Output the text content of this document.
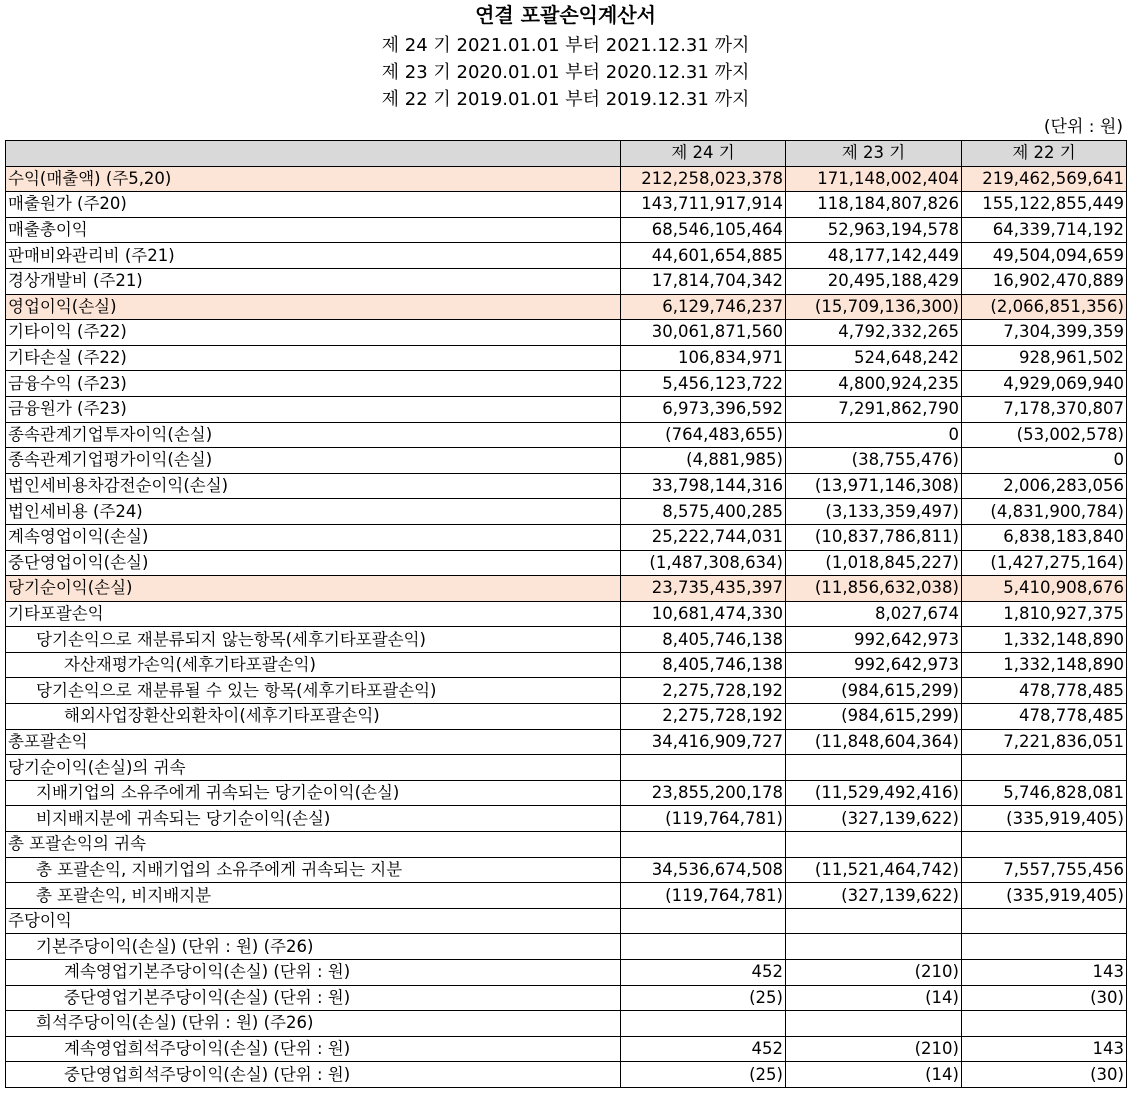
연결 포괄손익계산서
제 24 기 2021.01.01 부터 2021.12.31 까지
제 23 기 2020.01.01 부터 2020.12.31 까지
제 22 기 2019.01.01 부터 2019.12.31 까지
(단위 : 원)
	제 24 기	제 23 기	제 22 기
수익(매출액) (주5,20)	212,258,023,378	171,148,002,404	219,462,569,641
매출원가 (주20)	143,711,917,914	118,184,807,826	155,122,855,449
매출총이익	68,546,105,464	52,963,194,578	64,339,714,192
판매비와관리비 (주21)	44,601,654,885	48,177,142,449	49,504,094,659
경상개발비 (주21)	17,814,704,342	20,495,188,429	16,902,470,889
영업이익(손실)	6,129,746,237	(15,709,136,300)	(2,066,851,356)
기타이익 (주22)	30,061,871,560	4,792,332,265	7,304,399,359
기타손실 (주22)	106,834,971	524,648,242	928,961,502
금융수익 (주23)	5,456,123,722	4,800,924,235	4,929,069,940
금융원가 (주23)	6,973,396,592	7,291,862,790	7,178,370,807
종속관계기업투자이익(손실)	(764,483,655)	0	(53,002,578)
종속관계기업평가이익(손실)	(4,881,985)	(38,755,476)	0
법인세비용차감전순이익(손실)	33,798,144,316	(13,971,146,308)	2,006,283,056
법인세비용 (주24)	8,575,400,285	(3,133,359,497)	(4,831,900,784)
계속영업이익(손실)	25,222,744,031	(10,837,786,811)	6,838,183,840
중단영업이익(손실)	(1,487,308,634)	(1,018,845,227)	(1,427,275,164)
당기순이익(손실)	23,735,435,397	(11,856,632,038)	5,410,908,676
기타포괄손익	10,681,474,330	8,027,674	1,810,927,375
당기손익으로 재분류되지 않는항목(세후기타포괄손익)	8,405,746,138	992,642,973	1,332,148,890
자산재평가손익(세후기타포괄손익)	8,405,746,138	992,642,973	1,332,148,890
당기손익으로 재분류될 수 있는 항목(세후기타포괄손익)	2,275,728,192	(984,615,299)	478,778,485
해외사업장환산외환차이(세후기타포괄손익)	2,275,728,192	(984,615,299)	478,778,485
총포괄손익	34,416,909,727	(11,848,604,364)	7,221,836,051
당기순이익(손실)의 귀속			
지배기업의 소유주에게 귀속되는 당기순이익(손실)	23,855,200,178	(11,529,492,416)	5,746,828,081
비지배지분에 귀속되는 당기순이익(손실)	(119,764,781)	(327,139,622)	(335,919,405)
총 포괄손익의 귀속			
총 포괄손익, 지배기업의 소유주에게 귀속되는 지분	34,536,674,508	(11,521,464,742)	7,557,755,456
총 포괄손익, 비지배지분	(119,764,781)	(327,139,622)	(335,919,405)
주당이익			
기본주당이익(손실) (단위 : 원) (주26)			
계속영업기본주당이익(손실) (단위 : 원)	452	(210)	143
중단영업기본주당이익(손실) (단위 : 원)	(25)	(14)	(30)
희석주당이익(손실) (단위 : 원) (주26)			
계속영업희석주당이익(손실) (단위 : 원)	452	(210)	143
중단영업희석주당이익(손실) (단위 : 원)	(25)	(14)	(30)
